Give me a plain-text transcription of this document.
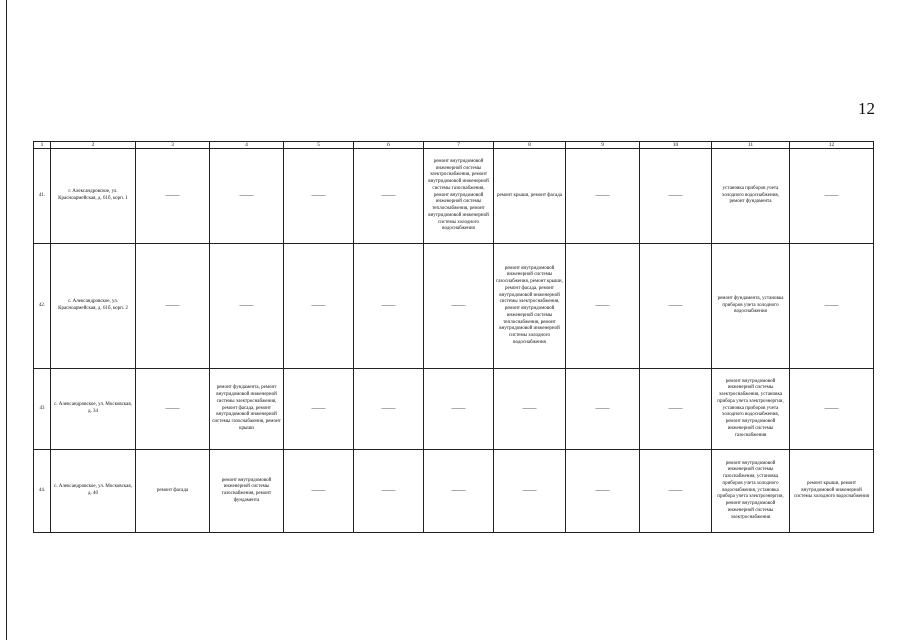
12
1	2	3	4	5	6	7	8	9	10	11	12
41.	г. Александровское, ул. Красноармейская, д. 61б, корп. 1	——	——	——	——	ремонт внутридомовой инженерной системы электроснабжения, ремонт внутридомовой инженерной системы газоснабжения, ремонт внутридомовой инженерной системы теплоснабжения, ремонт внутридомовой инженерной системы холодного водоснабжения	ремонт крыши, ремонт фасада	——	——	установка приборов учета холодного водоснабжения, ремонт фундамента	——
42.	с. Александровское, ул. Красноармейская, д. 61б, корп. 2	——	——	——	——	——	ремонт внутридомовой инженерной системы газоснабжения, ремонт крыши, ремонт фасада, ремонт внутридомовой инженерной системы электроснабжения, ремонт внутридомовой инженерной системы теплоснабжения, ремонт внутридомовой инженерной системы холодного водоснабжения	——	——	ремонт фундамента, установка приборов учета холодного водоснабжения	——
43	с. Александровское, ул. Московская, д. 34	——	ремонт фундамента, ремонт внутридомовой инженерной системы электроснабжения, ремонт фасада, ремонт внутридомовой инженерной системы газоснабжения, ремонт крыши	——	——	——	——	——	——	ремонт внутридомовой инженерной системы электроснабжения, установка прибора учета электроэнергии, установка приборов учета холодного водоснабжения, ремонт внутридомовой инженерной системы газоснабжения	——
44.	с. Александровское, ул. Московская, д. 40	ремонт фасада	ремонт внутридомовой инженерной системы газоснабжения, ремонт фундамента	——	——	——	——	——	——	ремонт внутридомовой инженерной системы газоснабжения, установка приборов учета холодного водоснабжения, установка прибора учета электроэнергии, ремонт внутридомовой инженерной системы электроснабжения	ремонт крыши, ремонт внутридомовой инженерной системы холодного водоснабжения
